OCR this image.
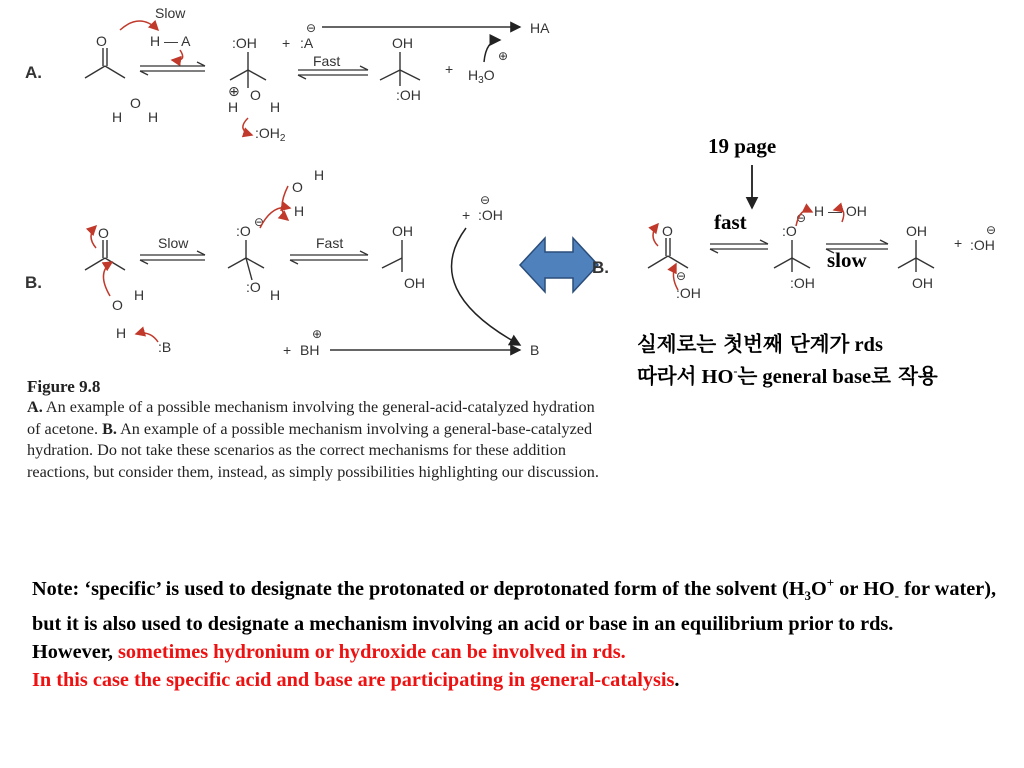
A.
O
H
O
H
Slow
H — A	:OH
⊕ O
H H
$:OH_2$
+ :A
⊖	HA
Fast
OH
:OH
+ $H_3O$
⊕
B.
O
O
H
H
:B
Slow
:O
⊖
:O H
O
H
H
Fast
OH
OH
+ :OH
⊖
+ BH
⊕
B
B.
O
:OH
⊖
:O
⊖ H — OH
:OH
OH
OH
+ :OH
⊖
Figure 9.8
A. An example of a possible mechanism involving the general-acid-catalyzed hydration of acetone. B. An example of a possible mechanism involving a general-base-catalyzed hydration. Do not take these scenarios as the correct mechanisms for these addition reactions, but consider them, instead, as simply possibilities highlighting our discussion.
19 page
fast
slow
실제로는 첫번째 단계가 rds
따라서 HO-는 general base로 작용
Note: ‘specific’ is used to designate the protonated or deprotonated form of the solvent ($H_3O^+$ or $HO_-$ for water), but it is also used to designate a mechanism involving an acid or base in an equilibrium prior to rds.
However, sometimes hydronium or hydroxide can be involved in rds.
In this case the specific acid and base are participating in general-catalysis.
